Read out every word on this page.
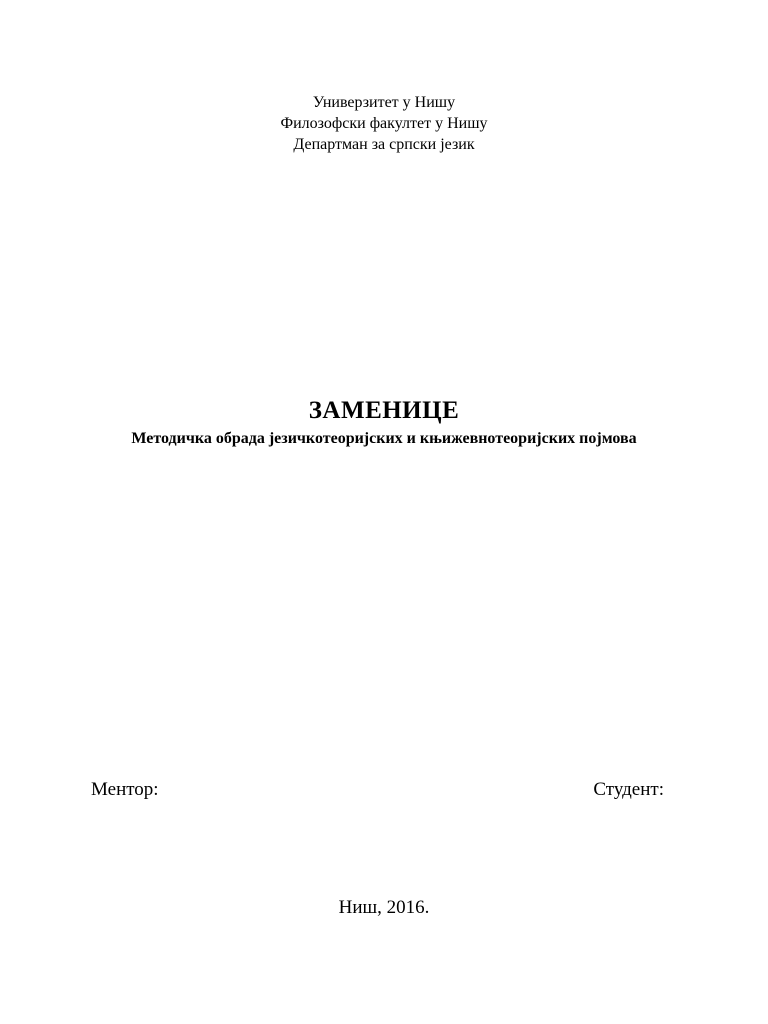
Универзитет у Нишу
Филозофски факултет у Нишу
Департман за српски језик
ЗАМЕНИЦЕ
Методичка обрада језичкотеоријских и књижевнотеоријских појмова
Ментор:	Студент:
Ниш, 2016.
